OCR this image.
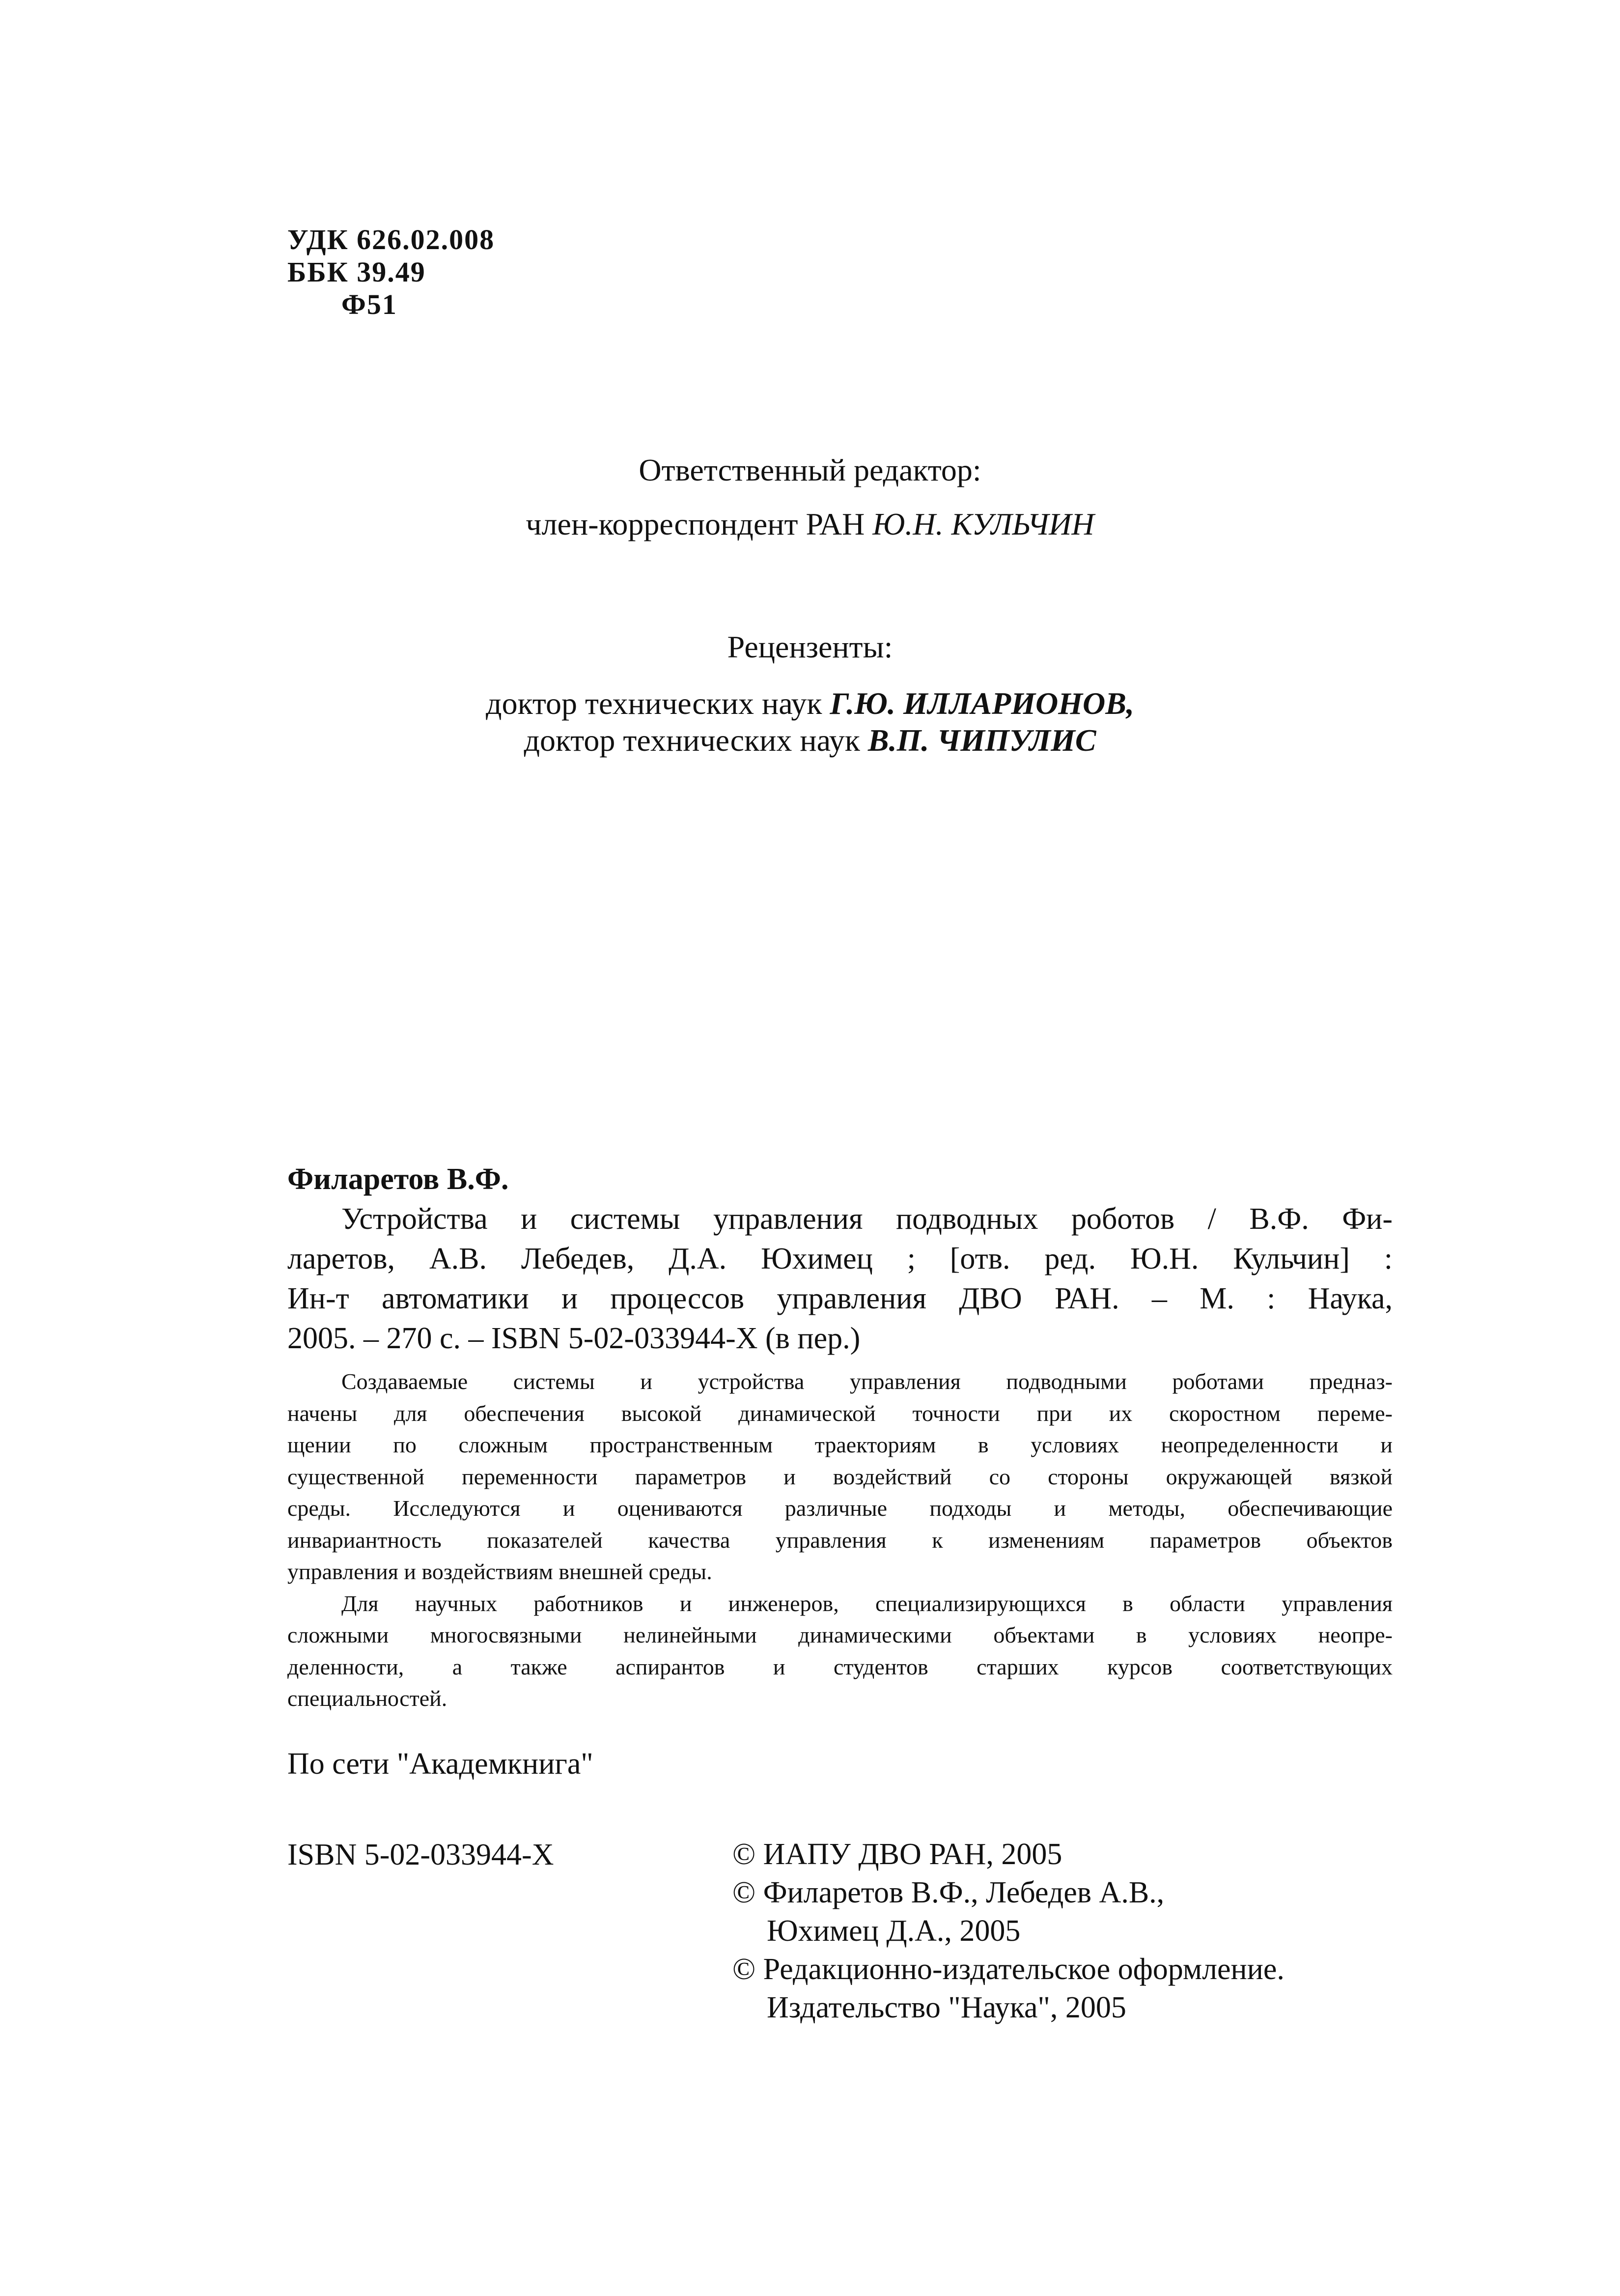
УДК 626.02.008
ББК 39.49
Ф51
Ответственный редактор:
член-корреспондент РАН Ю.Н. КУЛЬЧИН
Рецензенты:
доктор технических наук Г.Ю. ИЛЛАРИОНОВ,
доктор технических наук В.П. ЧИПУЛИС
Филаретов В.Ф.
Устройства и системы управления подводных роботов / В.Ф. Фи-
ларетов, А.В. Лебедев, Д.А. Юхимец ; [отв. ред. Ю.Н. Кульчин] :
Ин-т автоматики и процессов управления ДВО РАН. – М. : Наука,
2005. – 270 с. – ISBN 5-02-033944-X (в пер.)
Создаваемые системы и устройства управления подводными роботами предназ-
начены для обеспечения высокой динамической точности при их скоростном переме-
щении по сложным пространственным траекториям в условиях неопределенности и
существенной переменности параметров и воздействий со стороны окружающей вязкой
среды. Исследуются и оцениваются различные подходы и методы, обеспечивающие
инвариантность показателей качества управления к изменениям параметров объектов
управления и воздействиям внешней среды.
Для научных работников и инженеров, специализирующихся в области управления
сложными многосвязными нелинейными динамическими объектами в условиях неопре-
деленности, а также аспирантов и студентов старших курсов соответствующих
специальностей.
По сети "Академкнига"
ISBN 5-02-033944-X	© ИАПУ ДВО РАН, 2005
© Филаретов В.Ф., Лебедев А.В.,
Юхимец Д.А., 2005
© Редакционно-издательское оформление.
Издательство "Наука", 2005
